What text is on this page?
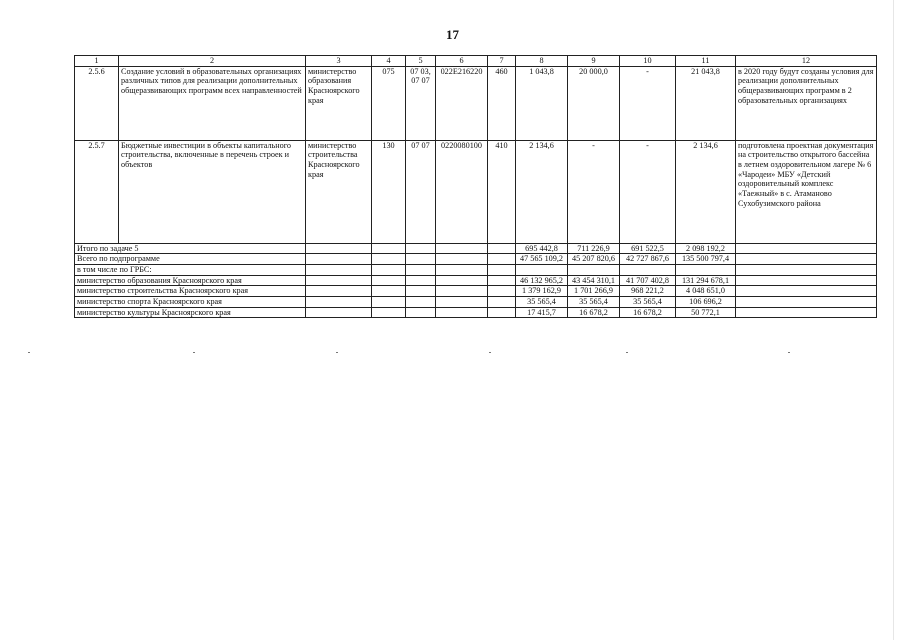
17
1	2	3	4	5	6	7	8	9	10	11	12
2.5.6	Создание условий в образовательных организациях различных типов для реализации дополнительных общеразвивающих программ всех направленностей	министерство образования Красноярского края	075	07 03, 07 07	022E216220	460	1 043,8	20 000,0	-	21 043,8	в 2020 году будут созданы условия для реализации дополнительных общеразвивающих программ в 2 образовательных организациях
2.5.7	Бюджетные инвестиции в объекты капитального строительства, включенные в перечень строек и объектов	министерство строительства Красноярского края	130	07 07	0220080100	410	2 134,6	-	-	2 134,6	подготовлена проектная документация на строительство открытого бассейна в летнем оздоровительном лагере № 6 «Чародеи» МБУ «Детский оздоровительный комплекс «Таежный» в с. Атаманово Сухобузимского района
Итого по задаче 5							695 442,8	711 226,9	691 522,5	2 098 192,2	
Всего по подпрограмме							47 565 109,2	45 207 820,6	42 727 867,6	135 500 797,4	
в том числе по ГРБС:											
министерство образования Красноярского края							46 132 965,2	43 454 310,1	41 707 402,8	131 294 678,1	
министерство строительства Красноярского края							1 379 162,9	1 701 266,9	968 221,2	4 048 651,0	
министерство спорта Красноярского края							35 565,4	35 565,4	35 565,4	106 696,2	
министерство культуры Красноярского края							17 415,7	16 678,2	16 678,2	50 772,1	
